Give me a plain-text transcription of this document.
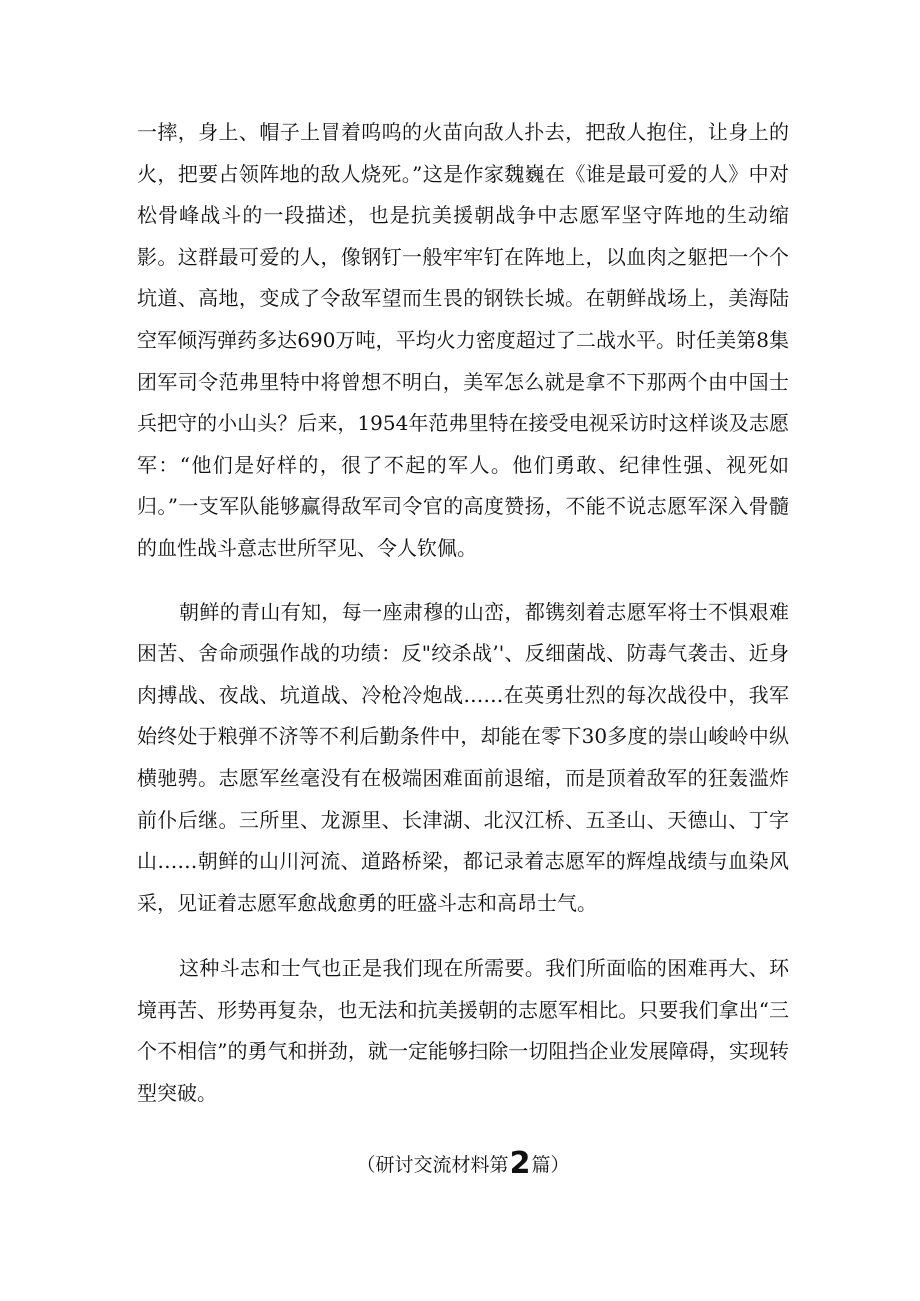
一摔，身上、帽子上冒着呜呜的火苗向敌人扑去，把敌人抱住，让身上的火，把要占领阵地的敌人烧死。”这是作家魏巍在《谁是最可爱的人》中对松骨峰战斗的一段描述，也是抗美援朝战争中志愿军坚守阵地的生动缩影。这群最可爱的人，像钢钉一般牢牢钉在阵地上，以血肉之躯把一个个坑道、高地，变成了令敌军望而生畏的钢铁长城。在朝鲜战场上，美海陆空军倾泻弹药多达690万吨，平均火力密度超过了二战水平。时任美第8集团军司令范弗里特中将曾想不明白，美军怎么就是拿不下那两个由中国士兵把守的小山头？后来，1954年范弗里特在接受电视采访时这样谈及志愿军：“他们是好样的，很了不起的军人。他们勇敢、纪律性强、视死如归。”一支军队能够赢得敌军司令官的高度赞扬，不能不说志愿军深入骨髓的血性战斗意志世所罕见、令人钦佩。

朝鲜的青山有知，每一座肃穆的山峦，都镌刻着志愿军将士不惧艰难困苦、舍命顽强作战的功绩：反"绞杀战’'、反细菌战、防毒气袭击、近身肉搏战、夜战、坑道战、冷枪冷炮战……在英勇壮烈的每次战役中，我军始终处于粮弹不济等不利后勤条件中，却能在零下30多度的崇山峻岭中纵横驰骋。志愿军丝毫没有在极端困难面前退缩，而是顶着敌军的狂轰滥炸前仆后继。三所里、龙源里、长津湖、北汉江桥、五圣山、天德山、丁字山……朝鲜的山川河流、道路桥梁，都记录着志愿军的辉煌战绩与血染风采，见证着志愿军愈战愈勇的旺盛斗志和高昂士气。

这种斗志和士气也正是我们现在所需要。我们所面临的困难再大、环境再苦、形势再复杂，也无法和抗美援朝的志愿军相比。只要我们拿出“三个不相信”的勇气和拼劲，就一定能够扫除一切阻挡企业发展障碍，实现转型突破。

（研讨交流材料第2篇）
